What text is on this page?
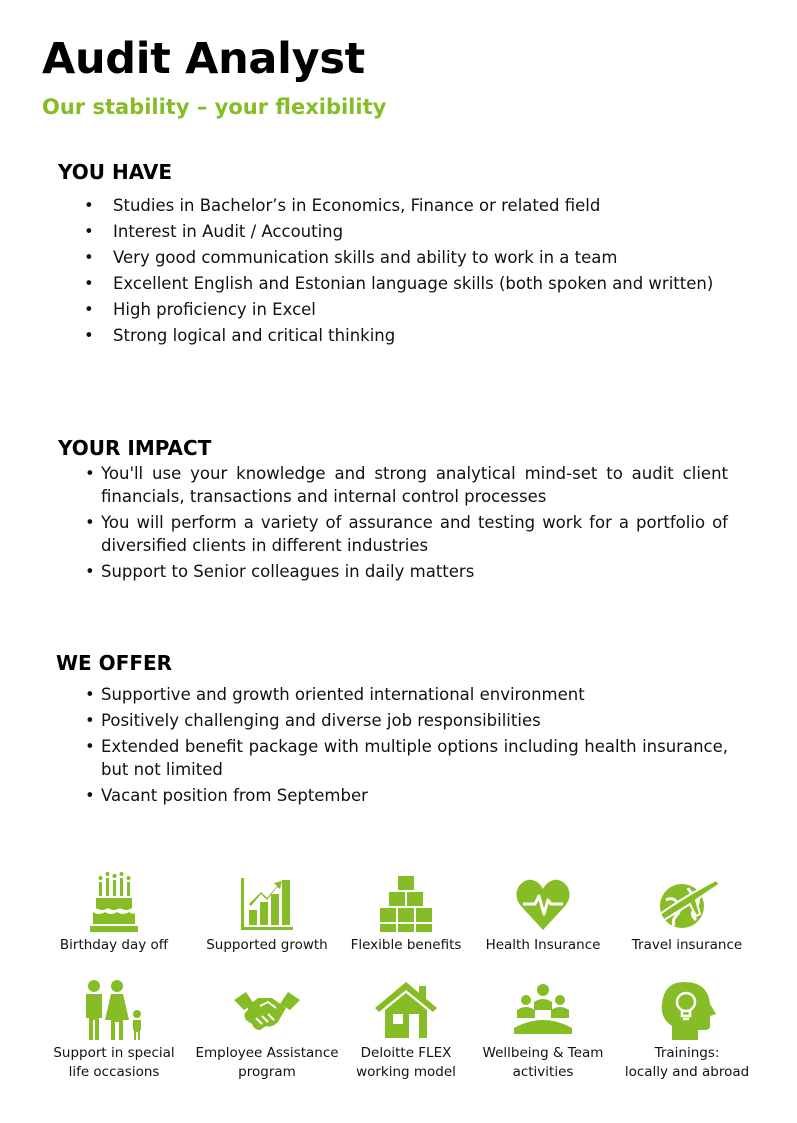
Audit Analyst
Our stability – your flexibility
YOU HAVE
• Studies in Bachelor’s in Economics, Finance or related field
• Interest in Audit / Accouting
• Very good communication skills and ability to work in a team
• Excellent English and Estonian language skills (both spoken and written)
• High proficiency in Excel
• Strong logical and critical thinking
YOUR IMPACT
• You'll use your knowledge and strong analytical mind-set to audit client financials, transactions and internal control processes
• You will perform a variety of assurance and testing work for a portfolio of diversified clients in different industries
• Support to Senior colleagues in daily matters
WE OFFER
• Supportive and growth oriented international environment
• Positively challenging and diverse job responsibilities
• Extended benefit package with multiple options including health insurance, but not limited
• Vacant position from September
Birthday day off	Supported growth	Flexible benefits	Health Insurance	Travel insurance
Support in special
life occasions
Employee Assistance
program
Deloitte FLEX
working model
Wellbeing & Team
activities
Trainings:
locally and abroad
